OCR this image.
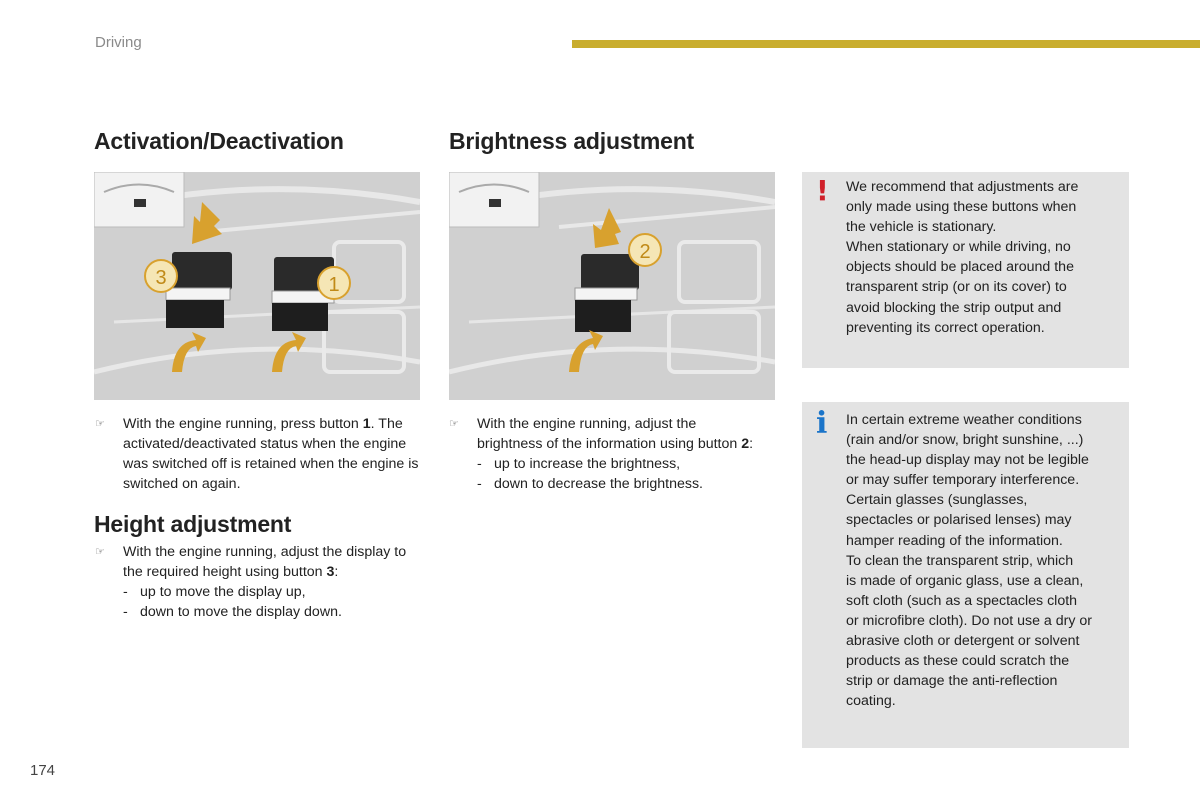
Driving
Activation/Deactivation
3	1
☞ With the engine running, press button 1. The activated/deactivated status when the engine was switched off is retained when the engine is switched on again.
Height adjustment
☞ With the engine running, adjust the display to the required height using button 3:
- up to move the display up,
- down to move the display down.
Brightness adjustment
2
☞ With the engine running, adjust the brightness of the information using button 2:
- up to increase the brightness,
- down to decrease the brightness.
! We recommend that adjustments are
only made using these buttons when
the vehicle is stationary.
When stationary or while driving, no
objects should be placed around the
transparent strip (or on its cover) to
avoid blocking the strip output and
preventing its correct operation.
i In certain extreme weather conditions
(rain and/or snow, bright sunshine, ...)
the head-up display may not be legible
or may suffer temporary interference.
Certain glasses (sunglasses,
spectacles or polarised lenses) may
hamper reading of the information.
To clean the transparent strip, which
is made of organic glass, use a clean,
soft cloth (such as a spectacles cloth
or microfibre cloth). Do not use a dry or
abrasive cloth or detergent or solvent
products as these could scratch the
strip or damage the anti-reflection
coating.
174
